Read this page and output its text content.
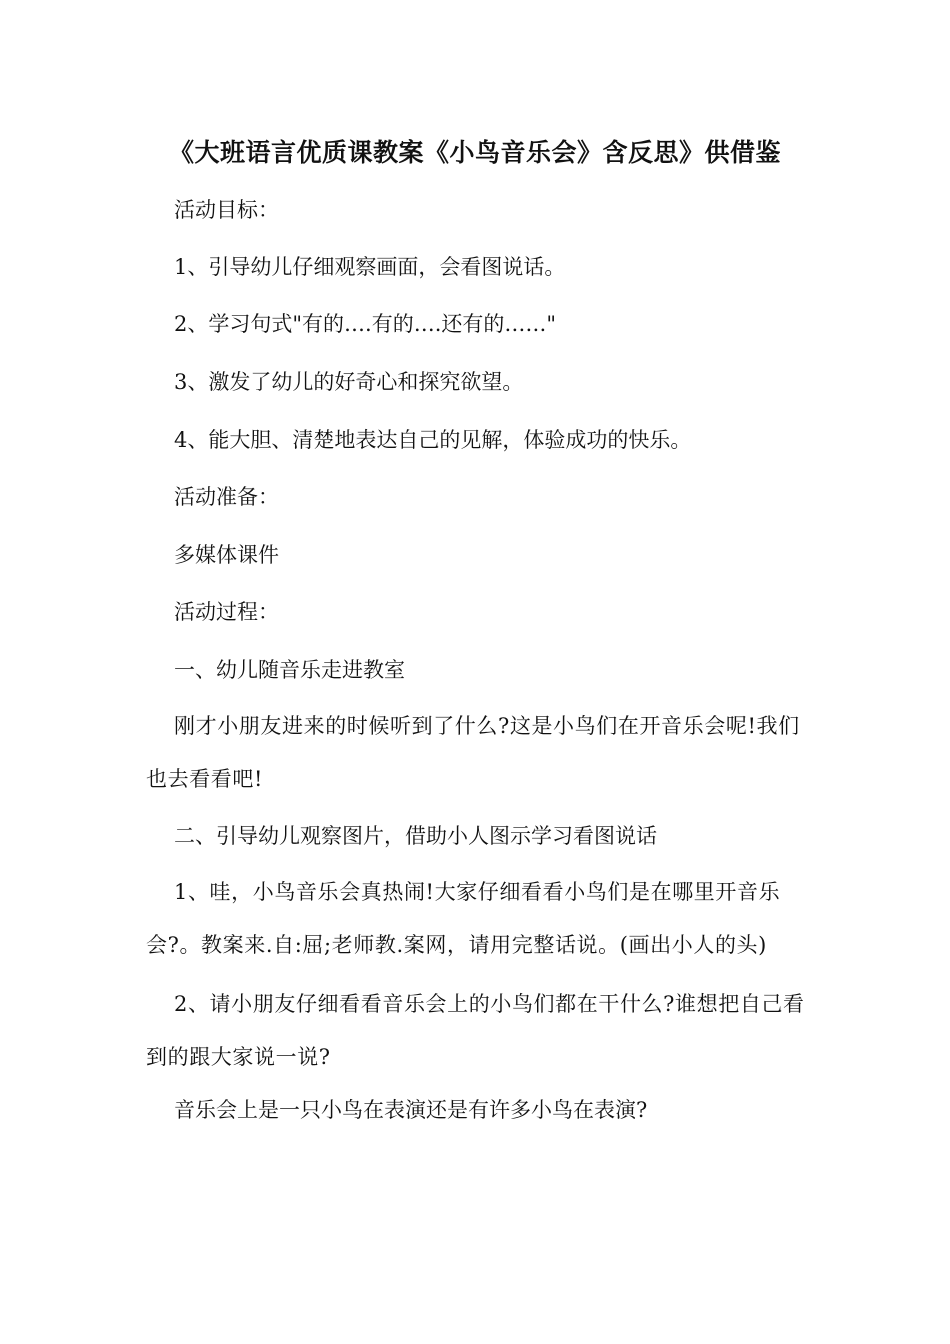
《大班语言优质课教案《小鸟音乐会》含反思》供借鉴
活动目标：
1、引导幼儿仔细观察画面，会看图说话。
2、学习句式"有的….有的….还有的……"
3、激发了幼儿的好奇心和探究欲望。
4、能大胆、清楚地表达自己的见解，体验成功的快乐。
活动准备：
多媒体课件
活动过程：
一、幼儿随音乐走进教室
刚才小朋友进来的时候听到了什么?这是小鸟们在开音乐会呢!我们也去看看吧!
二、引导幼儿观察图片，借助小人图示学习看图说话
1、哇，小鸟音乐会真热闹!大家仔细看看小鸟们是在哪里开音乐会?。教案来.自:屈;老师教.案网，请用完整话说。(画出小人的头)
2、请小朋友仔细看看音乐会上的小鸟们都在干什么?谁想把自己看到的跟大家说一说?
音乐会上是一只小鸟在表演还是有许多小鸟在表演?
